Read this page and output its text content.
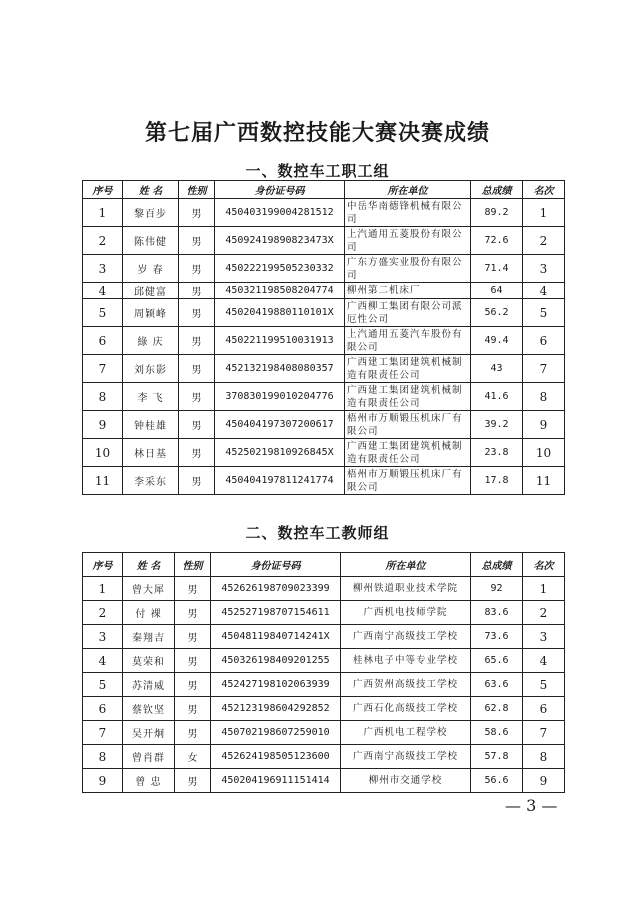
第七届广西数控技能大赛决赛成绩
一、数控车工职工组
序号	姓 名	性别	身份证号码	所在单位	总成绩	名次
1	黎百步	男	450403199004281512	中岳华南德锋机械有限公司	89.2	1
2	陈伟健	男	45092419890823473X	上汽通用五菱股份有限公司	72.6	2
3	岁 春	男	450222199505230332	广东方盛实业股份有限公司	71.4	3
4	邱健富	男	450321198508204774	柳州第二机床厂	64	4
5	周颖峰	男	45020419880110101X	广西柳工集团有限公司派厄性公司	56.2	5
6	綠 庆	男	450221199510031913	上汽通用五菱汽车股份有限公司	49.4	6
7	刘东影	男	452132198408080357	广西建工集团建筑机械制造有限责任公司	43	7
8	李 飞	男	370830199010204776	广西建工集团建筑机械制造有限责任公司	41.6	8
9	钟桂雄	男	450404197307200617	梧州市万顺锻压机床厂有限公司	39.2	9
10	林日基	男	45250219810926845X	广西建工集团建筑机械制造有限责任公司	23.8	10
11	李采东	男	450404197811241774	梧州市万顺锻压机床厂有限公司	17.8	11
二、数控车工教师组
序号	姓 名	性别	身份证号码	所在单位	总成绩	名次
1	曾大犀	男	452626198709023399	柳州铁道职业技术学院	92	1
2	付 裸	男	452527198707154611	广西机电技师学院	83.6	2
3	秦翔吉	男	45048119840714241X	广西南宁高级技工学校	73.6	3
4	莫荣和	男	450326198409201255	桂林电子中等专业学校	65.6	4
5	苏清威	男	452427198102063939	广西贺州高级技工学校	63.6	5
6	蔡钦坚	男	452123198604292852	广西石化高级技工学校	62.8	6
7	吴开炯	男	450702198607259010	广西机电工程学校	58.6	7
8	曾肖群	女	452624198505123600	广西南宁高级技工学校	57.8	8
9	曾 忠	男	450204196911151414	柳州市交通学校	56.6	9
— 3 —
